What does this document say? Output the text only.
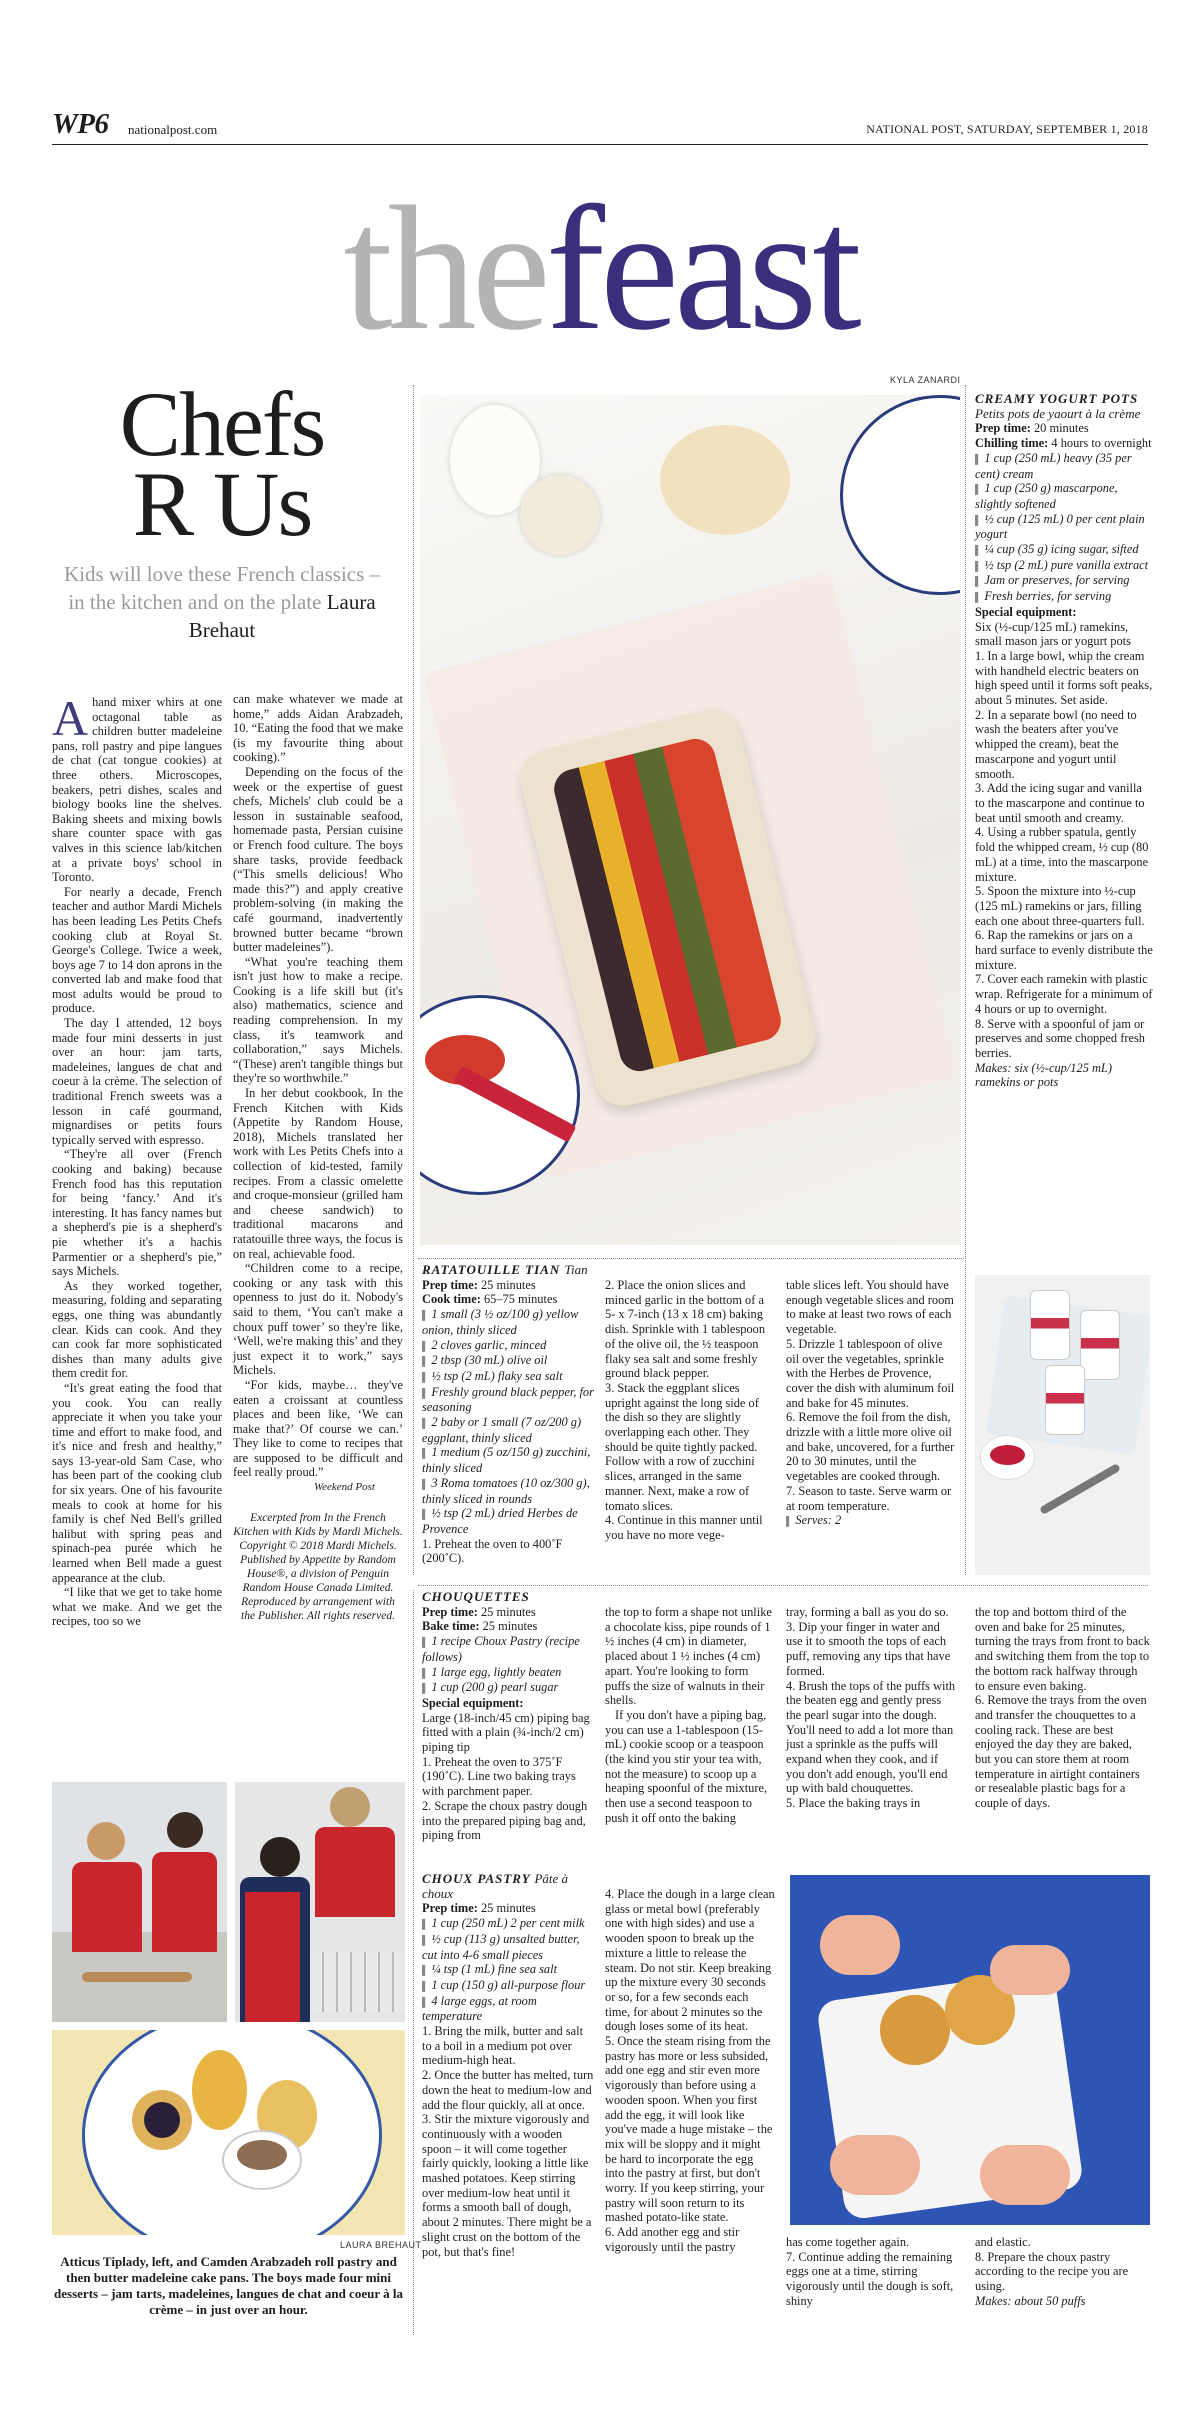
WP6 nationalpost.com	NATIONAL POST, SATURDAY, SEPTEMBER 1, 2018
thefeast
Chefs
R Us
Kids will love these French classics – in the kitchen and on the plate Laura Brehaut

Ahand mixer whirs at one octagonal table as children butter madeleine pans, roll pastry and pipe langues de chat (cat tongue cookies) at three others. Microscopes, beakers, petri dishes, scales and biology books line the shelves. Baking sheets and mixing bowls share counter space with gas valves in this science lab/kitchen at a private boys' school in Toronto.

For nearly a decade, French teacher and author Mardi Michels has been leading Les Petits Chefs cooking club at Royal St. George's College. Twice a week, boys age 7 to 14 don aprons in the converted lab and make food that most adults would be proud to produce.

The day I attended, 12 boys made four mini desserts in just over an hour: jam tarts, madeleines, langues de chat and coeur à la crème. The selection of traditional French sweets was a lesson in café gourmand, mignardises or petits fours typically served with espresso.

“They're all over (French cooking and baking) because French food has this reputation for being ‘fancy.’ And it's interesting. It has fancy names but a shepherd's pie is a shepherd's pie whether it's a hachis Parmentier or a shepherd's pie,” says Michels.

As they worked together, measuring, folding and separating eggs, one thing was abundantly clear. Kids can cook. And they can cook far more sophisticated dishes than many adults give them credit for.

“It's great eating the food that you cook. You can really appreciate it when you take your time and effort to make food, and it's nice and fresh and healthy,” says 13-year-old Sam Case, who has been part of the cooking club for six years. One of his favourite meals to cook at home for his family is chef Ned Bell's grilled halibut with spring peas and spinach-pea purée which he learned when Bell made a guest appearance at the club.

“I like that we get to take home what we make. And we get the recipes, too so we

can make whatever we made at home,” adds Aidan Arabzadeh, 10. “Eating the food that we make (is my favourite thing about cooking).”

Depending on the focus of the week or the expertise of guest chefs, Michels' club could be a lesson in sustainable seafood, homemade pasta, Persian cuisine or French food culture. The boys share tasks, provide feedback (“This smells delicious! Who made this?”) and apply creative problem-solving (in making the café gourmand, inadvertently browned butter became “brown butter madeleines”).

“What you're teaching them isn't just how to make a recipe. Cooking is a life skill but (it's also) mathematics, science and reading comprehension. In my class, it's teamwork and collaboration,” says Michels. “(These) aren't tangible things but they're so worthwhile.”

In her debut cookbook, In the French Kitchen with Kids (Appetite by Random House, 2018), Michels translated her work with Les Petits Chefs into a collection of kid-tested, family recipes. From a classic omelette and croque-monsieur (grilled ham and cheese sandwich) to traditional macarons and ratatouille three ways, the focus is on real, achievable food.

“Children come to a recipe, cooking or any task with this openness to just do it. Nobody's said to them, ‘You can't make a choux puff tower’ so they're like, ‘Well, we're making this’ and they just expect it to work,” says Michels.

“For kids, maybe… they've eaten a croissant at countless places and been like, ‘We can make that?’ Of course we can.’ They like to come to recipes that are supposed to be difficult and feel really proud.”

Weekend Post

Excerpted from In the French Kitchen with Kids by Mardi Michels. Copyright © 2018 Mardi Michels. Published by Appetite by Random House®, a division of Penguin Random House Canada Limited. Reproduced by arrangement with the Publisher. All rights reserved.
KYLA ZANARDI
RATATOUILLE TIAN Tian
Prep time: 25 minutes
Cook time: 65–75 minutes
▌ 1 small (3 ½ oz/100 g) yellow onion, thinly sliced
▌ 2 cloves garlic, minced
▌ 2 tbsp (30 mL) olive oil
▌ ½ tsp (2 mL) flaky sea salt
▌ Freshly ground black pepper, for seasoning
▌ 2 baby or 1 small (7 oz/200 g) eggplant, thinly sliced
▌ 1 medium (5 oz/150 g) zucchini, thinly sliced
▌ 3 Roma tomatoes (10 oz/300 g), thinly sliced in rounds
▌ ½ tsp (2 mL) dried Herbes de Provence
1. Preheat the oven to 400˚F (200˚C).
2. Place the onion slices and minced garlic in the bottom of a 5- x 7-inch (13 x 18 cm) baking dish. Sprinkle with 1 tablespoon of the olive oil, the ½ teaspoon flaky sea salt and some freshly ground black pepper.
3. Stack the eggplant slices upright against the long side of the dish so they are slightly overlapping each other. They should be quite tightly packed. Follow with a row of zucchini slices, arranged in the same manner. Next, make a row of tomato slices.
4. Continue in this manner until you have no more vege-
table slices left. You should have enough vegetable slices and room to make at least two rows of each vegetable.
5. Drizzle 1 tablespoon of olive oil over the vegetables, sprinkle with the Herbes de Provence, cover the dish with aluminum foil and bake for 45 minutes.
6. Remove the foil from the dish, drizzle with a little more olive oil and bake, uncovered, for a further 20 to 30 minutes, until the vegetables are cooked through.
7. Season to taste. Serve warm or at room temperature.
▌ Serves: 2
CREAMY YOGURT POTS Petits pots de yaourt à la crème
Prep time: 20 minutes
Chilling time: 4 hours to overnight
▌ 1 cup (250 mL) heavy (35 per cent) cream
▌ 1 cup (250 g) mascarpone, slightly softened
▌ ½ cup (125 mL) 0 per cent plain yogurt
▌ ¼ cup (35 g) icing sugar, sifted
▌ ½ tsp (2 mL) pure vanilla extract
▌ Jam or preserves, for serving
▌ Fresh berries, for serving
Special equipment:
Six (½-cup/125 mL) ramekins, small mason jars or yogurt pots
1. In a large bowl, whip the cream with handheld electric beaters on high speed until it forms soft peaks, about 5 minutes. Set aside.
2. In a separate bowl (no need to wash the beaters after you've whipped the cream), beat the mascarpone and yogurt until smooth.
3. Add the icing sugar and vanilla to the mascarpone and continue to beat until smooth and creamy.
4. Using a rubber spatula, gently fold the whipped cream, ½ cup (80 mL) at a time, into the mascarpone mixture.
5. Spoon the mixture into ½-cup (125 mL) ramekins or jars, filling each one about three-quarters full.
6. Rap the ramekins or jars on a hard surface to evenly distribute the mixture.
7. Cover each ramekin with plastic wrap. Refrigerate for a minimum of 4 hours or up to overnight.
8. Serve with a spoonful of jam or preserves and some chopped fresh berries.
Makes: six (½-cup/125 mL) ramekins or pots
LAURA BREHAUT
Atticus Tiplady, left, and Camden Arabzadeh roll pastry and then butter madeleine cake pans. The boys made four mini desserts – jam tarts, madeleines, langues de chat and coeur à la crème – in just over an hour.
CHOUQUETTES
Prep time: 25 minutes
Bake time: 25 minutes
▌ 1 recipe Choux Pastry (recipe follows)
▌ 1 large egg, lightly beaten
▌ 1 cup (200 g) pearl sugar
Special equipment:
Large (18-inch/45 cm) piping bag fitted with a plain (¾-inch/2 cm) piping tip
1. Preheat the oven to 375˚F (190˚C). Line two baking trays with parchment paper.
2. Scrape the choux pastry dough into the prepared piping bag and, piping from
the top to form a shape not unlike a chocolate kiss, pipe rounds of 1 ½ inches (4 cm) in diameter, placed about 1 ½ inches (4 cm) apart. You're looking to form puffs the size of walnuts in their shells.
If you don't have a piping bag, you can use a 1-tablespoon (15-mL) cookie scoop or a teaspoon (the kind you stir your tea with, not the measure) to scoop up a heaping spoonful of the mixture, then use a second teaspoon to push it off onto the baking
tray, forming a ball as you do so.
3. Dip your finger in water and use it to smooth the tops of each puff, removing any tips that have formed.
4. Brush the tops of the puffs with the beaten egg and gently press the pearl sugar into the dough. You'll need to add a lot more than just a sprinkle as the puffs will expand when they cook, and if you don't add enough, you'll end up with bald chouquettes.
5. Place the baking trays in
the top and bottom third of the oven and bake for 25 minutes, turning the trays from front to back and switching them from the top to the bottom rack halfway through to ensure even baking.
6. Remove the trays from the oven and transfer the chouquettes to a cooling rack. These are best enjoyed the day they are baked, but you can store them at room temperature in airtight containers or resealable plastic bags for a couple of days.
CHOUX PASTRY Pâte à choux
Prep time: 25 minutes
▌ 1 cup (250 mL) 2 per cent milk
▌ ½ cup (113 g) unsalted butter, cut into 4-6 small pieces
▌ ¼ tsp (1 mL) fine sea salt
▌ 1 cup (150 g) all-purpose flour
▌ 4 large eggs, at room temperature
1. Bring the milk, butter and salt to a boil in a medium pot over medium-high heat.
2. Once the butter has melted, turn down the heat to medium-low and add the flour quickly, all at once.
3. Stir the mixture vigorously and continuously with a wooden spoon – it will come together fairly quickly, looking a little like mashed potatoes. Keep stirring over medium-low heat until it forms a smooth ball of dough, about 2 minutes. There might be a slight crust on the bottom of the pot, but that's fine!
4. Place the dough in a large clean glass or metal bowl (preferably one with high sides) and use a wooden spoon to break up the mixture a little to release the steam. Do not stir. Keep breaking up the mixture every 30 seconds or so, for a few seconds each time, for about 2 minutes so the dough loses some of its heat.
5. Once the steam rising from the pastry has more or less subsided, add one egg and stir even more vigorously than before using a wooden spoon. When you first add the egg, it will look like you've made a huge mistake – the mix will be sloppy and it might be hard to incorporate the egg into the pastry at first, but don't worry. If you keep stirring, your pastry will soon return to its mashed potato-like state.
6. Add another egg and stir vigorously until the pastry	has come together again.
7. Continue adding the remaining eggs one at a time, stirring vigorously until the dough is soft, shiny
and elastic.
8. Prepare the choux pastry according to the recipe you are using.
Makes: about 50 puffs
